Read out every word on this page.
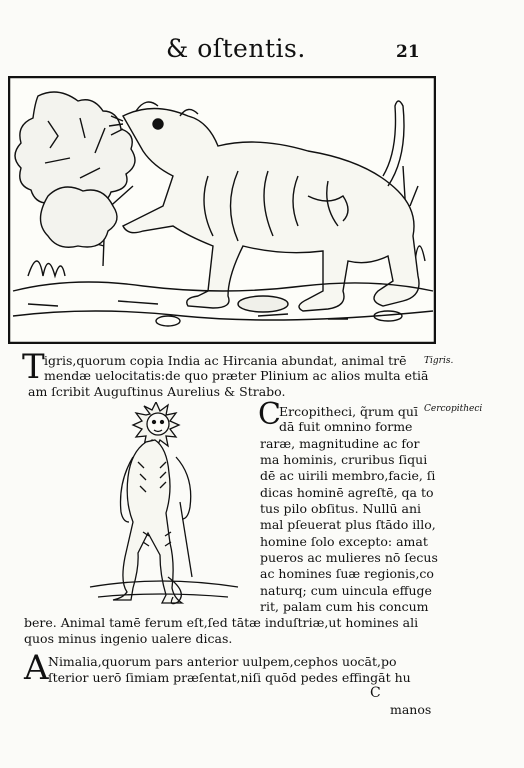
& oſtentis.	21
T igris,quorum copia India ac Hircania abundat, animal trē
mendæ uelocitatis:de quo præter Plinium ac alios multa etiā
am ſcribit Auguſtinus Aurelius & Strabo.
Tigris.
C
Ercopitheci, q̃rum quī
dā fuit omnino forme
raræ, magnitudine ac for
ma hominis, cruribus ſiqui
dē ac uirili membro,facie, ſi
dicas hominē agreſtē, qa to
tus pilo obſitus. Nullū ani
mal pſeuerat plus ſtādo illo,
homine ſolo excepto: amat
pueros ac mulieres nō ſecus
ac homines ſuæ regionis,co
naturq; cum uincula effuge
rit, palam cum his concum
bere. Animal tamē ferum eſt,ſed tātæ induſtriæ,ut homines ali
quos minus ingenio ualere dicas.
Cercopitheci
A Nimalia,quorum pars anterior uulpem,cephos uocāt,po
ſterior uerō ſimiam præſentat,niſi quōd pedes effingāt hu
C
manos
